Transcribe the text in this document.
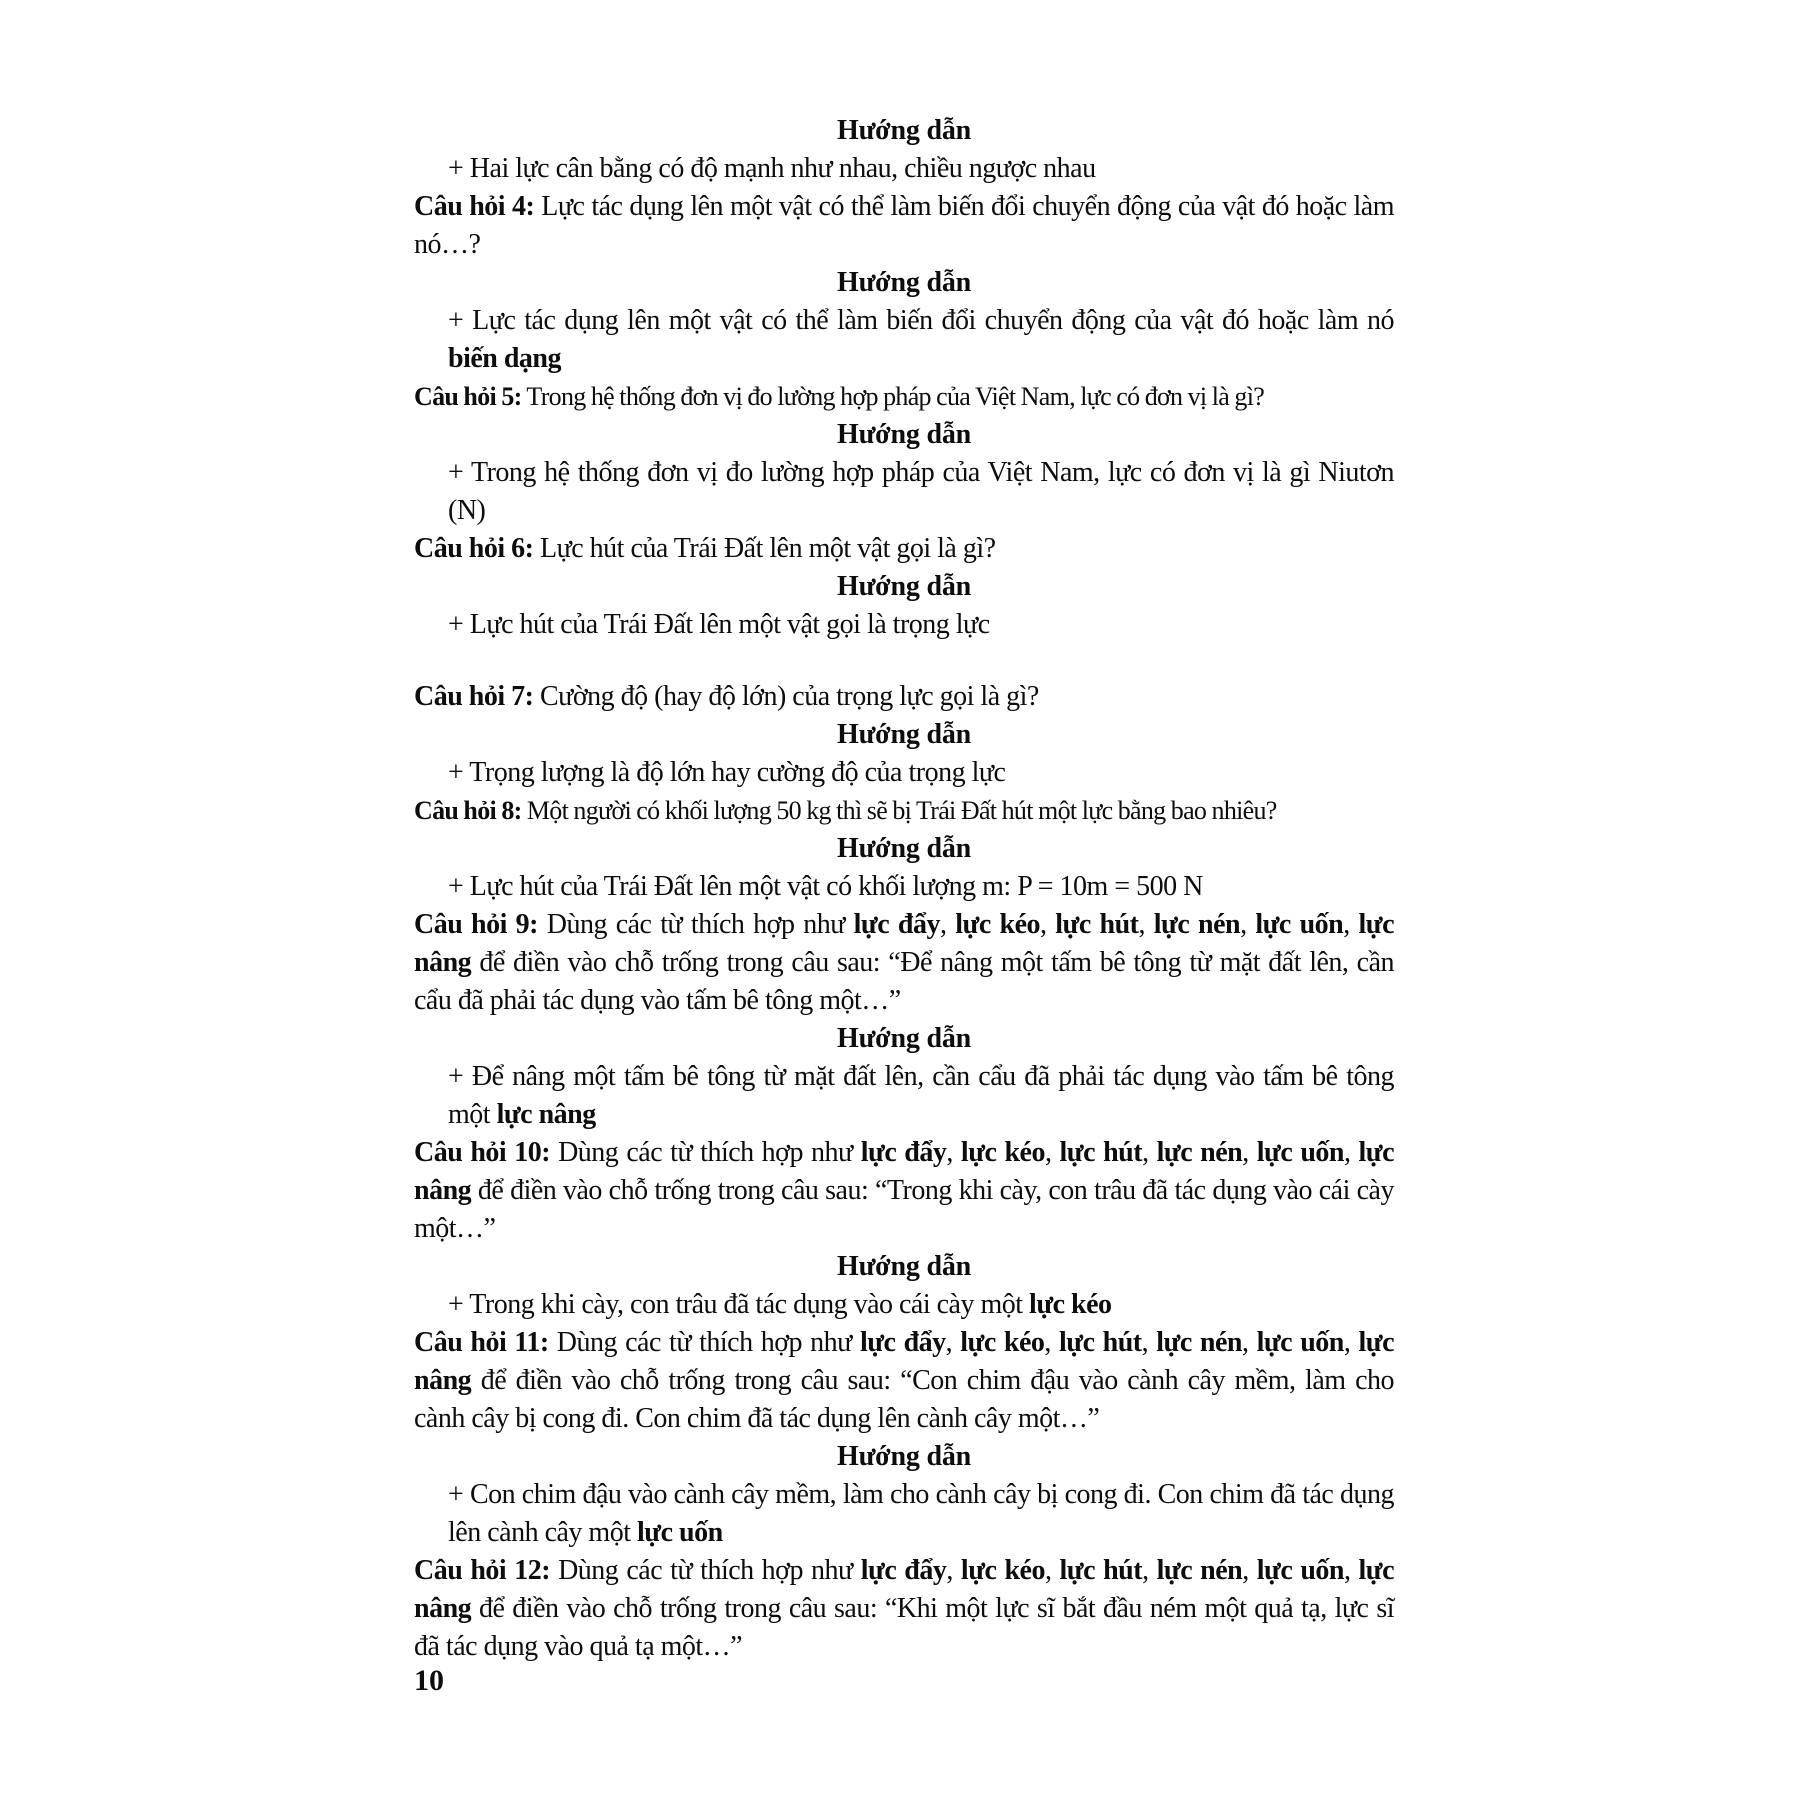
Hướng dẫn

+ Hai lực cân bằng có độ mạnh như nhau, chiều ngược nhau

Câu hỏi 4: Lực tác dụng lên một vật có thể làm biến đổi chuyển động của vật đó hoặc làm nó…?

Hướng dẫn

+ Lực tác dụng lên một vật có thể làm biến đổi chuyển động của vật đó hoặc làm nó biến dạng

Câu hỏi 5: Trong hệ thống đơn vị đo lường hợp pháp của Việt Nam, lực có đơn vị là gì?

Hướng dẫn

+ Trong hệ thống đơn vị đo lường hợp pháp của Việt Nam, lực có đơn vị là gì Niutơn (N)

Câu hỏi 6: Lực hút của Trái Đất lên một vật gọi là gì?

Hướng dẫn

+ Lực hút của Trái Đất lên một vật gọi là trọng lực

Câu hỏi 7: Cường độ (hay độ lớn) của trọng lực gọi là gì?

Hướng dẫn

+ Trọng lượng là độ lớn hay cường độ của trọng lực

Câu hỏi 8: Một người có khối lượng 50 kg thì sẽ bị Trái Đất hút một lực bằng bao nhiêu?

Hướng dẫn

+ Lực hút của Trái Đất lên một vật có khối lượng m: P = 10m = 500 N

Câu hỏi 9: Dùng các từ thích hợp như lực đẩy, lực kéo, lực hút, lực nén, lực uốn, lực nâng để điền vào chỗ trống trong câu sau: “Để nâng một tấm bê tông từ mặt đất lên, cần cẩu đã phải tác dụng vào tấm bê tông một…”

Hướng dẫn

+ Để nâng một tấm bê tông từ mặt đất lên, cần cẩu đã phải tác dụng vào tấm bê tông một lực nâng

Câu hỏi 10: Dùng các từ thích hợp như lực đẩy, lực kéo, lực hút, lực nén, lực uốn, lực nâng để điền vào chỗ trống trong câu sau: “Trong khi cày, con trâu đã tác dụng vào cái cày một…”

Hướng dẫn

+ Trong khi cày, con trâu đã tác dụng vào cái cày một lực kéo

Câu hỏi 11: Dùng các từ thích hợp như lực đẩy, lực kéo, lực hút, lực nén, lực uốn, lực nâng để điền vào chỗ trống trong câu sau: “Con chim đậu vào cành cây mềm, làm cho cành cây bị cong đi. Con chim đã tác dụng lên cành cây một…”

Hướng dẫn

+ Con chim đậu vào cành cây mềm, làm cho cành cây bị cong đi. Con chim đã tác dụng lên cành cây một lực uốn

Câu hỏi 12: Dùng các từ thích hợp như lực đẩy, lực kéo, lực hút, lực nén, lực uốn, lực nâng để điền vào chỗ trống trong câu sau: “Khi một lực sĩ bắt đầu ném một quả tạ, lực sĩ đã tác dụng vào quả tạ một…”

10
